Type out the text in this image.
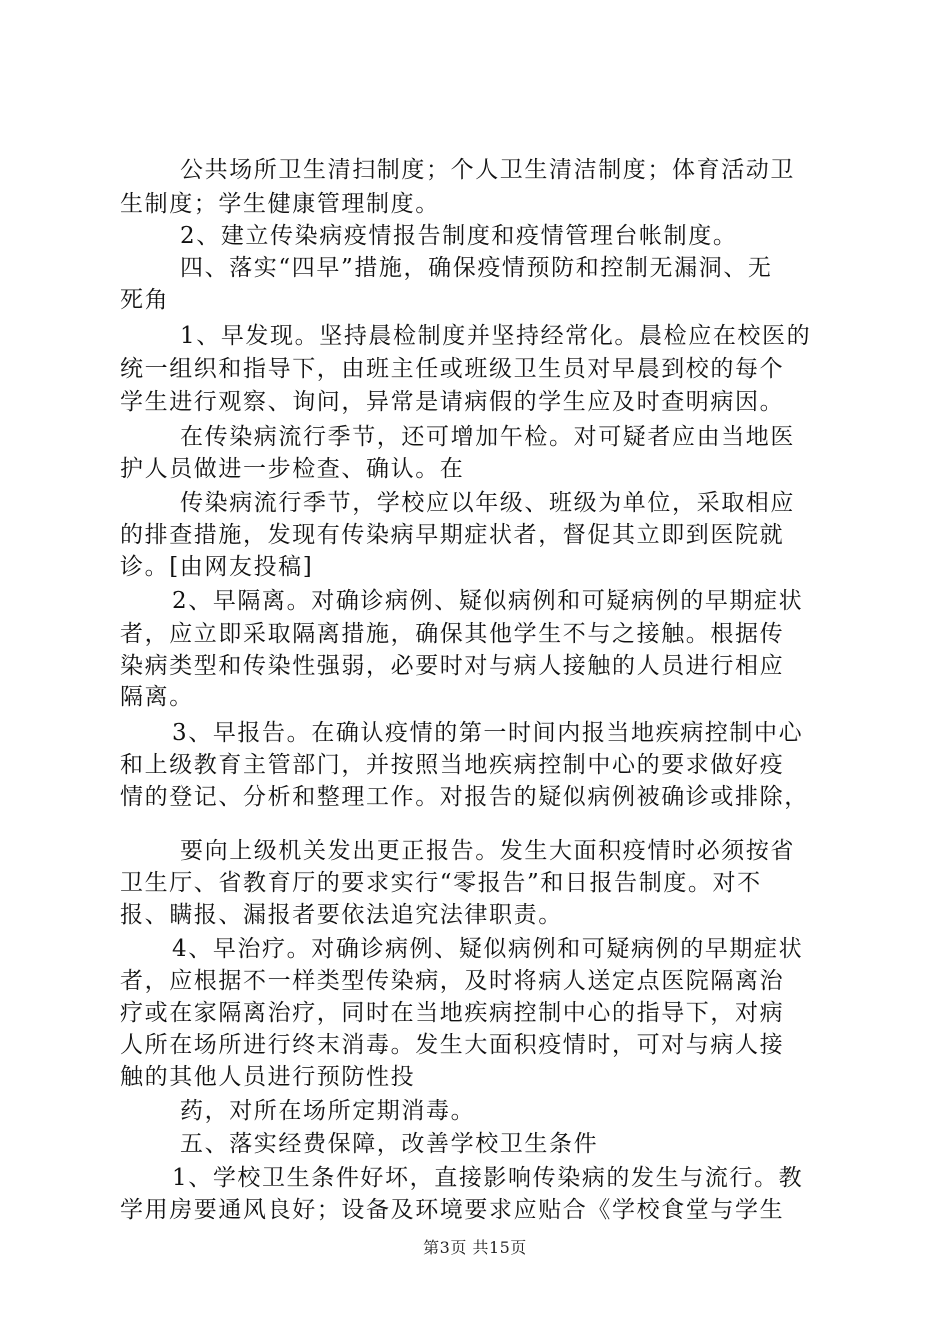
公共场所卫生清扫制度；个人卫生清洁制度；体育活动卫
生制度；学生健康管理制度。
2、建立传染病疫情报告制度和疫情管理台帐制度。
四、落实“四早”措施，确保疫情预防和控制无漏洞、无
死角
1、早发现。坚持晨检制度并坚持经常化。晨检应在校医的
统一组织和指导下，由班主任或班级卫生员对早晨到校的每个
学生进行观察、询问，异常是请病假的学生应及时查明病因。
在传染病流行季节，还可增加午检。对可疑者应由当地医
护人员做进一步检查、确认。在
传染病流行季节，学校应以年级、班级为单位，采取相应
的排查措施，发现有传染病早期症状者，督促其立即到医院就
诊。[由网友投稿]
2、早隔离。对确诊病例、疑似病例和可疑病例的早期症状
者，应立即采取隔离措施，确保其他学生不与之接触。根据传
染病类型和传染性强弱，必要时对与病人接触的人员进行相应
隔离。
3、早报告。在确认疫情的第一时间内报当地疾病控制中心
和上级教育主管部门，并按照当地疾病控制中心的要求做好疫
情的登记、分析和整理工作。对报告的疑似病例被确诊或排除，
要向上级机关发出更正报告。发生大面积疫情时必须按省
卫生厅、省教育厅的要求实行“零报告”和日报告制度。对不
报、瞒报、漏报者要依法追究法律职责。
4、早治疗。对确诊病例、疑似病例和可疑病例的早期症状
者，应根据不一样类型传染病，及时将病人送定点医院隔离治
疗或在家隔离治疗，同时在当地疾病控制中心的指导下，对病
人所在场所进行终末消毒。发生大面积疫情时，可对与病人接
触的其他人员进行预防性投
药，对所在场所定期消毒。
五、落实经费保障，改善学校卫生条件
1、学校卫生条件好坏，直接影响传染病的发生与流行。教
学用房要通风良好；设备及环境要求应贴合《学校食堂与学生
第3页 共15页
